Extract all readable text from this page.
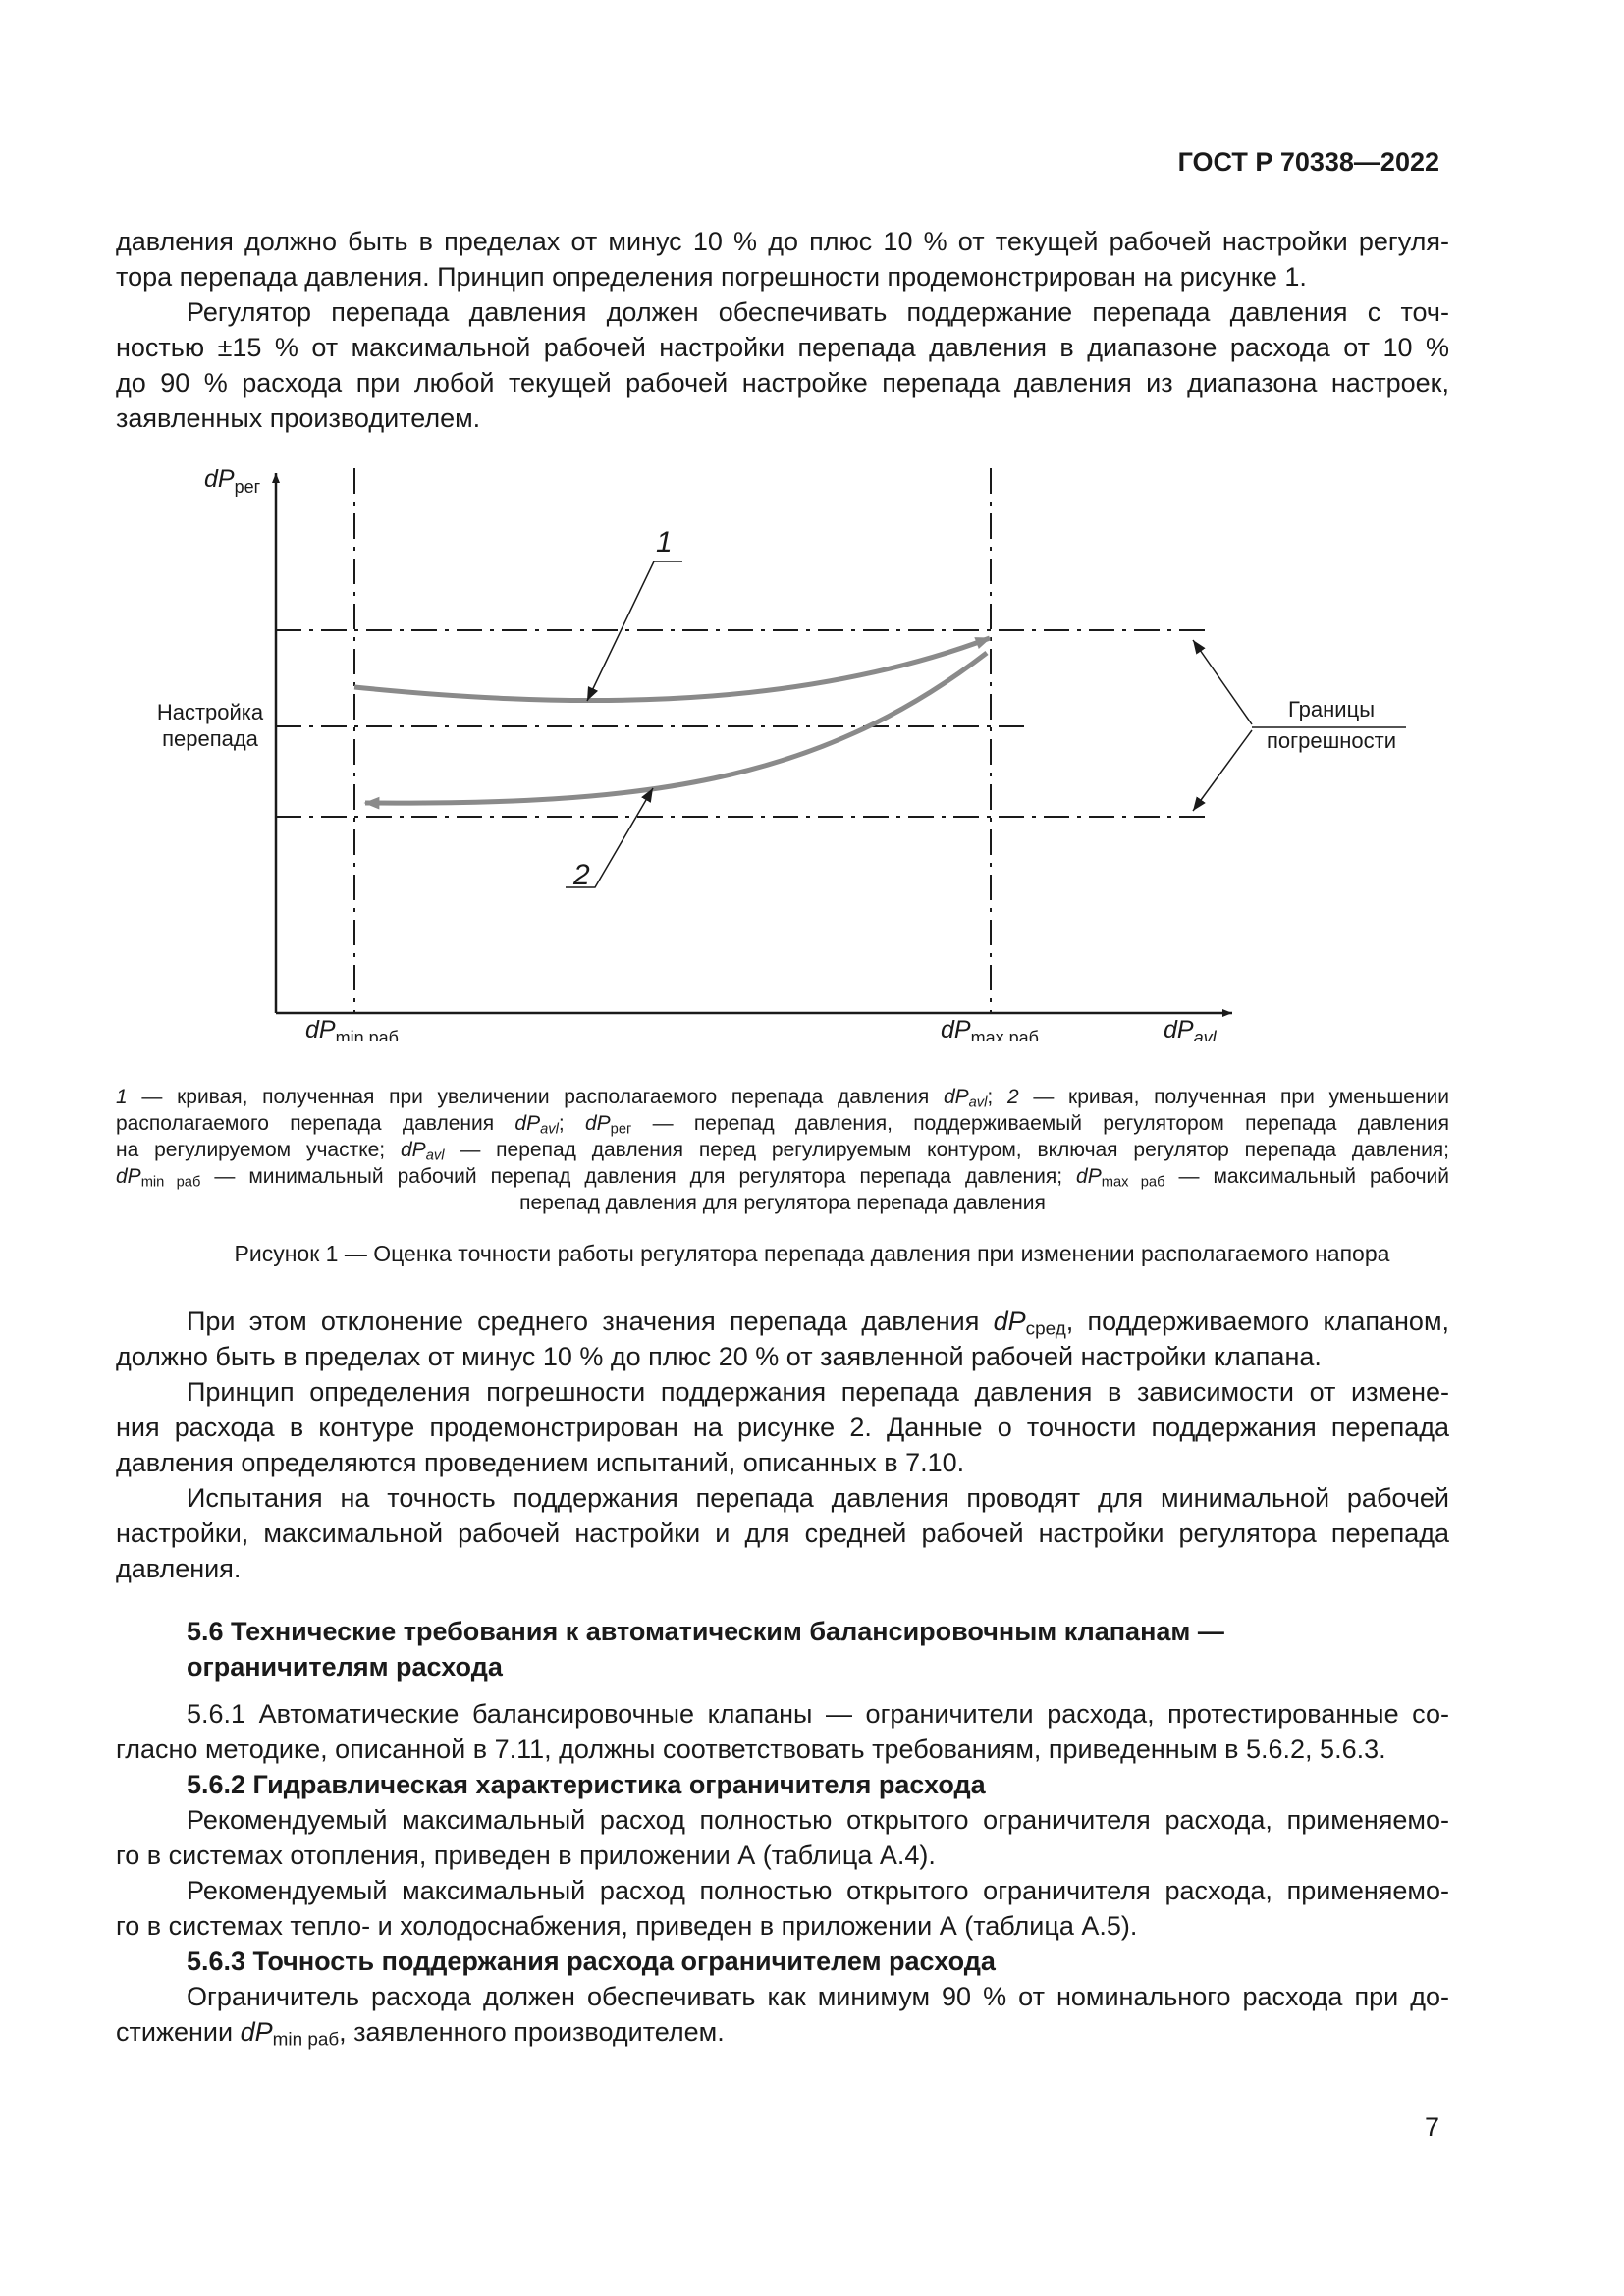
ГОСТ Р 70338—2022
давления должно быть в пределах от минус 10 % до плюс 10 % от текущей рабочей настройки регуля-
тора перепада давления. Принцип определения погрешности продемонстрирован на рисунке 1.
Регулятор перепада давления должен обеспечивать поддержание перепада давления с точ-
ностью ±15 % от максимальной рабочей настройки перепада давления в диапазоне расхода от 10 %
до 90 % расхода при любой текущей рабочей настройке перепада давления из диапазона настроек,
заявленных производителем.
$dP_{рег}$
$dP_{avl}$
$dP_{min раб}$	$dP_{max раб}$
Настройка
перепада
Границы
погрешности
1
2
1 — кривая, полученная при увеличении располагаемого перепада давления $dP_{avl}$; 2 — кривая, полученная при уменьшении
располагаемого перепада давления $dP_{avl}$; $dP_{рег}$ — перепад давления, поддерживаемый регулятором перепада давления
на регулируемом участке; $dP_{avl}$ — перепад давления перед регулируемым контуром, включая регулятор перепада давления;
$dP_{min раб}$ — минимальный рабочий перепад давления для регулятора перепада давления; $dP_{max раб}$ — максимальный рабочий
перепад давления для регулятора перепада давления
Рисунок 1 — Оценка точности работы регулятора перепада давления при изменении располагаемого напора
При этом отклонение среднего значения перепада давления $dP_{сред}$, поддерживаемого клапаном,
должно быть в пределах от минус 10 % до плюс 20 % от заявленной рабочей настройки клапана.
Принцип определения погрешности поддержания перепада давления в зависимости от измене-
ния расхода в контуре продемонстрирован на рисунке 2. Данные о точности поддержания перепада
давления определяются проведением испытаний, описанных в 7.10.
Испытания на точность поддержания перепада давления проводят для минимальной рабочей
настройки, максимальной рабочей настройки и для средней рабочей настройки регулятора перепада
давления.
5.6 Технические требования к автоматическим балансировочным клапанам —
ограничителям расхода
5.6.1 Автоматические балансировочные клапаны — ограничители расхода, протестированные со-
гласно методике, описанной в 7.11, должны соответствовать требованиям, приведенным в 5.6.2, 5.6.3.
5.6.2 Гидравлическая характеристика ограничителя расхода
Рекомендуемый максимальный расход полностью открытого ограничителя расхода, применяемо-
го в системах отопления, приведен в приложении А (таблица А.4).
Рекомендуемый максимальный расход полностью открытого ограничителя расхода, применяемо-
го в системах тепло- и холодоснабжения, приведен в приложении А (таблица А.5).
5.6.3 Точность поддержания расхода ограничителем расхода
Ограничитель расхода должен обеспечивать как минимум 90 % от номинального расхода при до-
стижении $dP_{min раб}$, заявленного производителем.
7
